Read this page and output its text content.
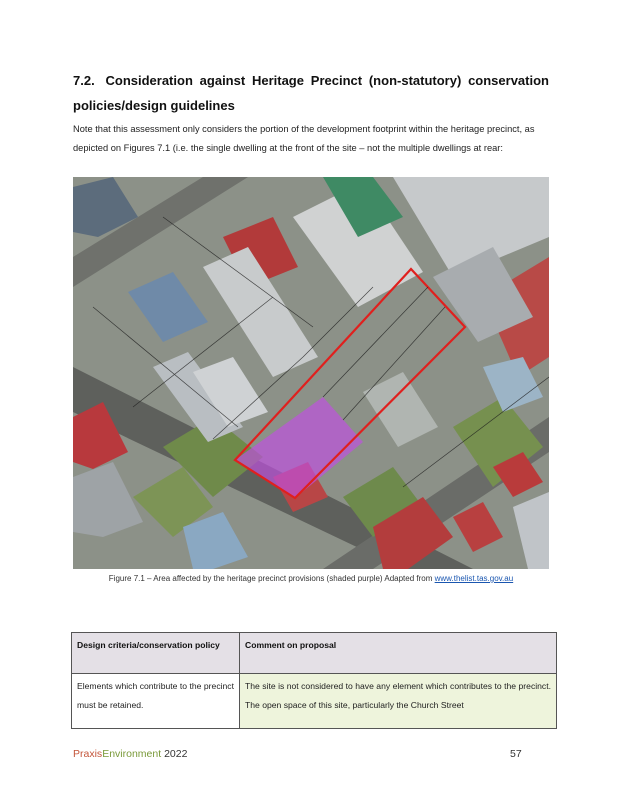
7.2. Consideration against Heritage Precinct (non-statutory) conservation policies/design guidelines
Note that this assessment only considers the portion of the development footprint within the heritage precinct, as depicted on Figures 7.1 (i.e. the single dwelling at the front of the site – not the multiple dwellings at rear:
Figure 7.1 – Area affected by the heritage precinct provisions (shaded purple) Adapted from www.thelist.tas.gov.au
Design criteria/conservation policy	Comment on proposal
Elements which contribute to the precinct must be retained.	The site is not considered to have any element which contributes to the precinct. The open space of this site, particularly the Church Street
PraxisEnvironment 2022	57
